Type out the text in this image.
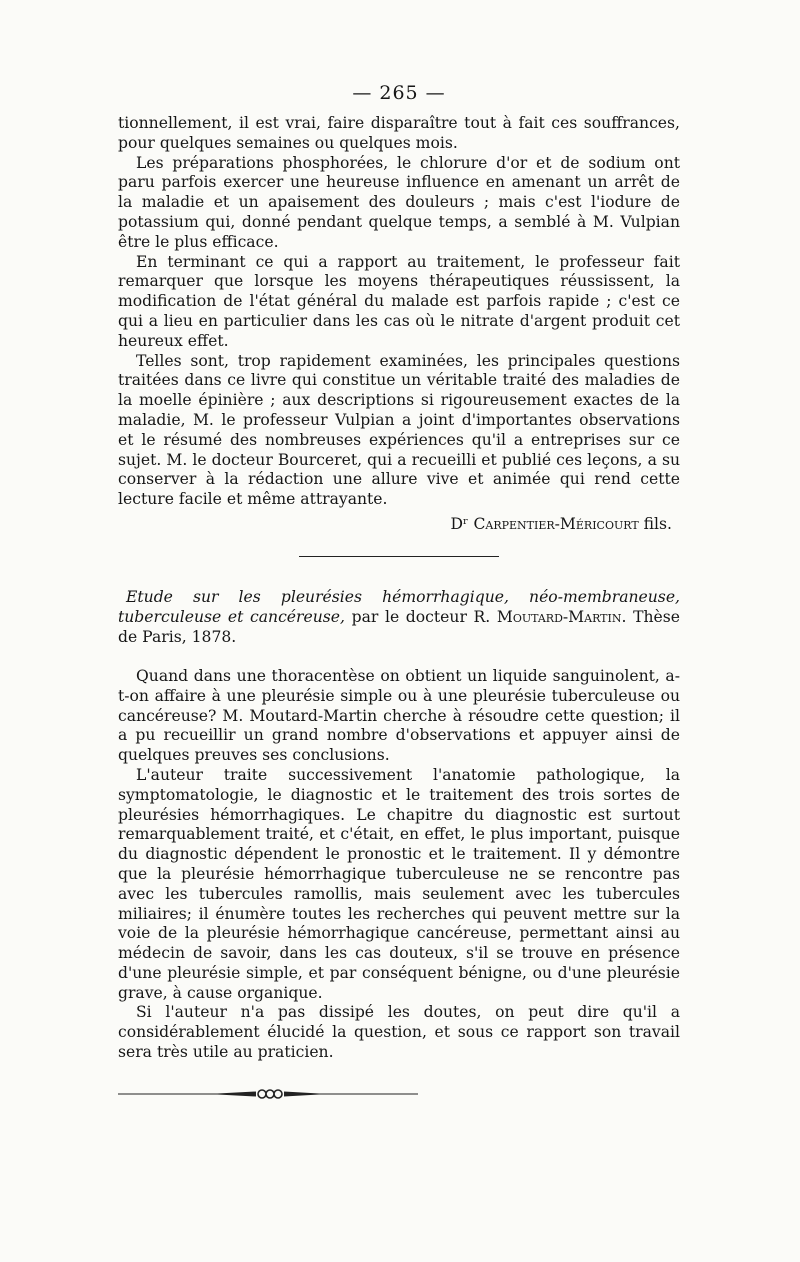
— 265 —

tionnellement, il est vrai, faire disparaître tout à fait ces souffrances, pour quelques semaines ou quelques mois.

Les préparations phosphorées, le chlorure d'or et de sodium ont paru parfois exercer une heureuse influence en amenant un arrêt de la maladie et un apaisement des douleurs ; mais c'est l'iodure de potassium qui, donné pendant quelque temps, a semblé à M. Vulpian être le plus efficace.

En terminant ce qui a rapport au traitement, le professeur fait remarquer que lorsque les moyens thérapeutiques réussissent, la modification de l'état général du malade est parfois rapide ; c'est ce qui a lieu en particulier dans les cas où le nitrate d'argent produit cet heureux effet.

Telles sont, trop rapidement examinées, les principales questions traitées dans ce livre qui constitue un véritable traité des maladies de la moelle épinière ; aux descriptions si rigoureusement exactes de la maladie, M. le professeur Vulpian a joint d'importantes observations et le résumé des nombreuses expériences qu'il a entreprises sur ce sujet. M. le docteur Bourceret, qui a recueilli et publié ces leçons, a su conserver à la rédaction une allure vive et animée qui rend cette lecture facile et même attrayante.

Dʳ Carpentier-Méricourt fils.
Etude sur les pleurésies hémorrhagique, néo-membraneuse, tuberculeuse et cancéreuse, par le docteur R. Moutard-Martin. Thèse de Paris, 1878.

Quand dans une thoracentèse on obtient un liquide sanguinolent, a-t-on affaire à une pleurésie simple ou à une pleurésie tuberculeuse ou cancéreuse? M. Moutard-Martin cherche à résoudre cette question; il a pu recueillir un grand nombre d'observations et appuyer ainsi de quelques preuves ses conclusions.

L'auteur traite successivement l'anatomie pathologique, la symptomatologie, le diagnostic et le traitement des trois sortes de pleurésies hémorrhagiques. Le chapitre du diagnostic est surtout remarquablement traité, et c'était, en effet, le plus important, puisque du diagnostic dépendent le pronostic et le traitement. Il y démontre que la pleurésie hémorrhagique tuberculeuse ne se rencontre pas avec les tubercules ramollis, mais seulement avec les tubercules miliaires; il énumère toutes les recherches qui peuvent mettre sur la voie de la pleurésie hémorrhagique cancéreuse, permettant ainsi au médecin de savoir, dans les cas douteux, s'il se trouve en présence d'une pleurésie simple, et par conséquent bénigne, ou d'une pleurésie grave, à cause organique.

Si l'auteur n'a pas dissipé les doutes, on peut dire qu'il a considérablement élucidé la question, et sous ce rapport son travail sera très utile au praticien.
